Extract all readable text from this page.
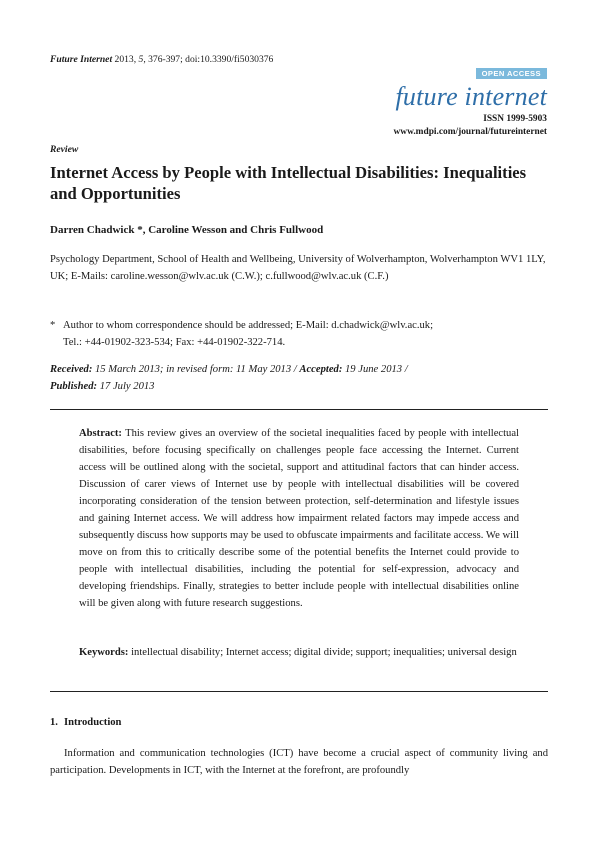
Future Internet 2013, 5, 376-397; doi:10.3390/fi5030376
OPEN ACCESS
future internet
ISSN 1999-5903
www.mdpi.com/journal/futureinternet
Review
Internet Access by People with Intellectual Disabilities: Inequalities and Opportunities
Darren Chadwick *, Caroline Wesson and Chris Fullwood
Psychology Department, School of Health and Wellbeing, University of Wolverhampton, Wolverhampton WV1 1LY, UK; E-Mails: caroline.wesson@wlv.ac.uk (C.W.); c.fullwood@wlv.ac.uk (C.F.)
* Author to whom correspondence should be addressed; E-Mail: d.chadwick@wlv.ac.uk;
Tel.: +44-01902-323-534; Fax: +44-01902-322-714.
Received: 15 March 2013; in revised form: 11 May 2013 / Accepted: 19 June 2013 /
Published: 17 July 2013
Abstract: This review gives an overview of the societal inequalities faced by people with intellectual disabilities, before focusing specifically on challenges people face accessing the Internet. Current access will be outlined along with the societal, support and attitudinal factors that can hinder access. Discussion of carer views of Internet use by people with intellectual disabilities will be covered incorporating consideration of the tension between protection, self-determination and lifestyle issues and gaining Internet access. We will address how impairment related factors may impede access and subsequently discuss how supports may be used to obfuscate impairments and facilitate access. We will move on from this to critically describe some of the potential benefits the Internet could provide to people with intellectual disabilities, including the potential for self-expression, advocacy and developing friendships. Finally, strategies to better include people with intellectual disabilities online will be given along with future research suggestions.
Keywords: intellectual disability; Internet access; digital divide; support; inequalities; universal design
1. Introduction
Information and communication technologies (ICT) have become a crucial aspect of community living and participation. Developments in ICT, with the Internet at the forefront, are profoundly
